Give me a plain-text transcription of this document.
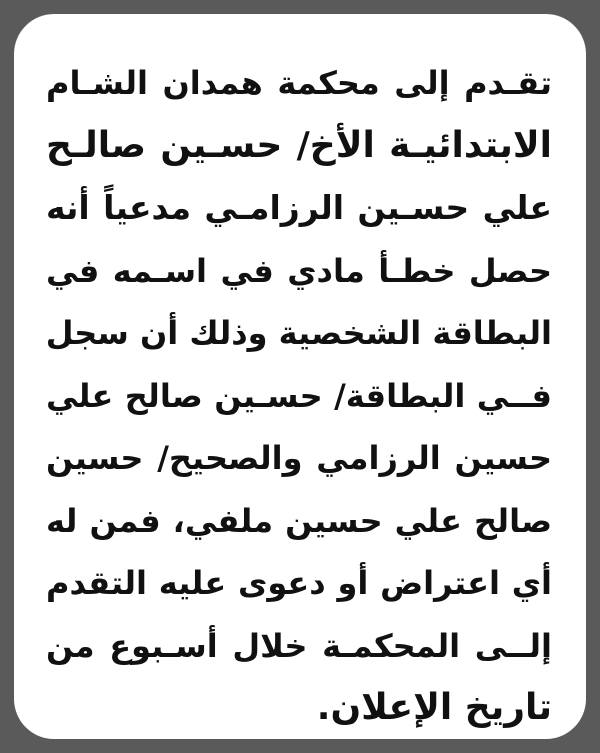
تقـدم إلى محكمة همدان الشـام
الابتدائيـة الأخ/ حسـين صالـح
علي حسـين الرزامـي مدعياً أنه
حصل خطـأ مادي في اسـمه في
البطاقة الشخصية وذلك أن سجل
فــي البطاقة/ حسـين صالح علي
حسين الرزامي والصحيح/ حسين
صالح علي حسين ملفي، فمن له
أي اعتراض أو دعوى عليه التقدم
إلــى المحكمـة خلال أسـبوع من
تاريخ الإعلان.
